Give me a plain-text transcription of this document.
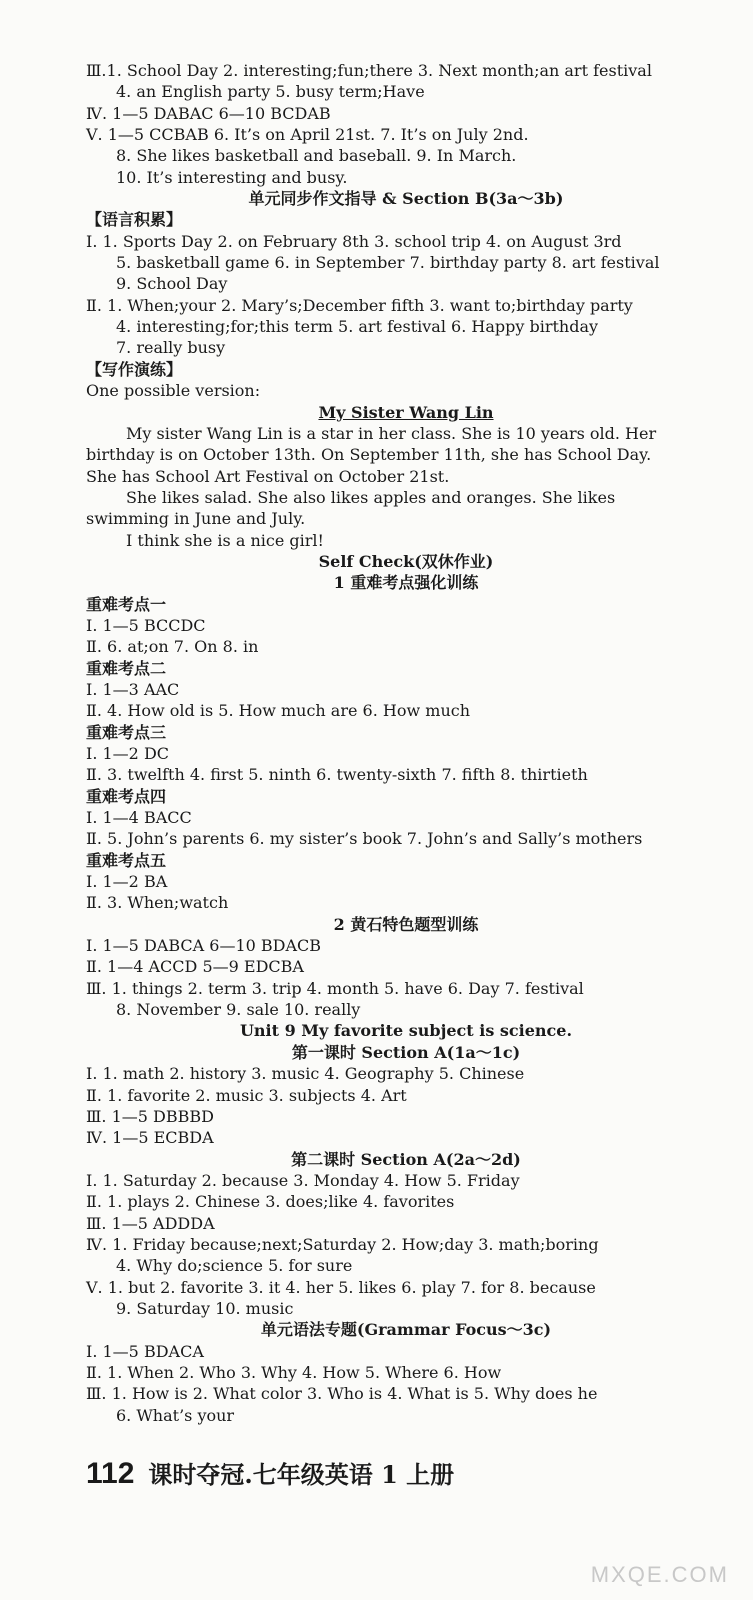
Ⅲ.1. School Day 2. interesting;fun;there 3. Next month;an art festival
4. an English party 5. busy term;Have
Ⅳ. 1—5 DABAC 6—10 BCDAB
Ⅴ. 1—5 CCBAB 6. It’s on April 21st. 7. It’s on July 2nd.
8. She likes basketball and baseball. 9. In March.
10. It’s interesting and busy.
单元同步作文指导 & Section B(3a～3b)
【语言积累】
Ⅰ. 1. Sports Day 2. on February 8th 3. school trip 4. on August 3rd
5. basketball game 6. in September 7. birthday party 8. art festival
9. School Day
Ⅱ. 1. When;your 2. Mary’s;December fifth 3. want to;birthday party
4. interesting;for;this term 5. art festival 6. Happy birthday
7. really busy
【写作演练】
One possible version:
My Sister Wang Lin
My sister Wang Lin is a star in her class. She is 10 years old. Her
birthday is on October 13th. On September 11th, she has School Day.
She has School Art Festival on October 21st.
She likes salad. She also likes apples and oranges. She likes
swimming in June and July.
I think she is a nice girl!
Self Check(双休作业)
1 重难考点强化训练
重难考点一
Ⅰ. 1—5 BCCDC
Ⅱ. 6. at;on 7. On 8. in
重难考点二
Ⅰ. 1—3 AAC
Ⅱ. 4. How old is 5. How much are 6. How much
重难考点三
Ⅰ. 1—2 DC
Ⅱ. 3. twelfth 4. first 5. ninth 6. twenty-sixth 7. fifth 8. thirtieth
重难考点四
Ⅰ. 1—4 BACC
Ⅱ. 5. John’s parents 6. my sister’s book 7. John’s and Sally’s mothers
重难考点五
Ⅰ. 1—2 BA
Ⅱ. 3. When;watch
2 黄石特色题型训练
Ⅰ. 1—5 DABCA 6—10 BDACB
Ⅱ. 1—4 ACCD 5—9 EDCBA
Ⅲ. 1. things 2. term 3. trip 4. month 5. have 6. Day 7. festival
8. November 9. sale 10. really
Unit 9 My favorite subject is science.
第一课时 Section A(1a～1c)
Ⅰ. 1. math 2. history 3. music 4. Geography 5. Chinese
Ⅱ. 1. favorite 2. music 3. subjects 4. Art
Ⅲ. 1—5 DBBBD
Ⅳ. 1—5 ECBDA
第二课时 Section A(2a～2d)
Ⅰ. 1. Saturday 2. because 3. Monday 4. How 5. Friday
Ⅱ. 1. plays 2. Chinese 3. does;like 4. favorites
Ⅲ. 1—5 ADDDA
Ⅳ. 1. Friday because;next;Saturday 2. How;day 3. math;boring
4. Why do;science 5. for sure
Ⅴ. 1. but 2. favorite 3. it 4. her 5. likes 6. play 7. for 8. because
9. Saturday 10. music
单元语法专题(Grammar Focus～3c)
Ⅰ. 1—5 BDACA
Ⅱ. 1. When 2. Who 3. Why 4. How 5. Where 6. How
Ⅲ. 1. How is 2. What color 3. Who is 4. What is 5. Why does he
6. What’s your
112 课时夺冠.七年级英语 1 上册
MXQE.COM
